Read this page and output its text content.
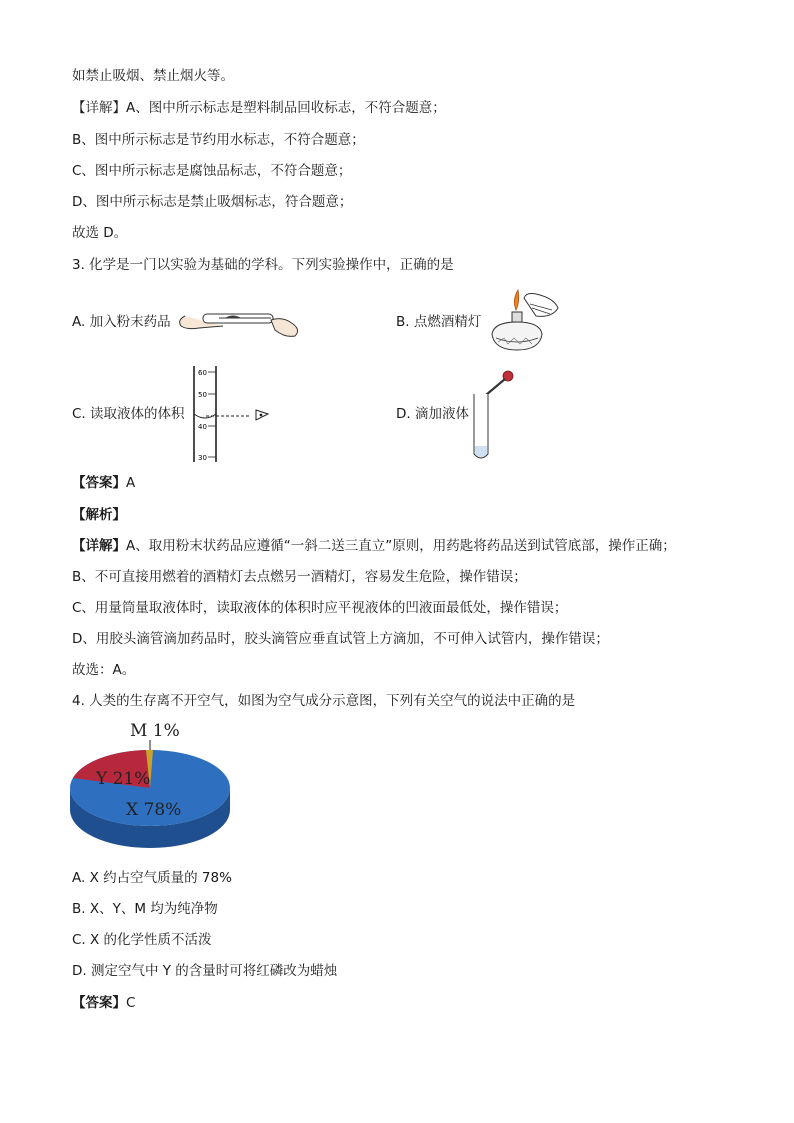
如禁止吸烟、禁止烟火等。
【详解】A、图中所示标志是塑料制品回收标志，不符合题意；
B、图中所示标志是节约用水标志，不符合题意；
C、图中所示标志是腐蚀品标志，不符合题意；
D、图中所示标志是禁止吸烟标志，符合题意；
故选 D。
3. 化学是一门以实验为基础的学科。下列实验操作中，正确的是
A. 加入粉末药品	B. 点燃酒精灯
C. 读取液体的体积
60
50
40
30
D. 滴加液体
【答案】A
【解析】
【详解】A、取用粉末状药品应遵循“一斜二送三直立”原则，用药匙将药品送到试管底部，操作正确；
B、不可直接用燃着的酒精灯去点燃另一酒精灯，容易发生危险，操作错误；
C、用量筒量取液体时，读取液体的体积时应平视液体的凹液面最低处，操作错误；
D、用胶头滴管滴加药品时，胶头滴管应垂直试管上方滴加，不可伸入试管内，操作错误；
故选：A。
4. 人类的生存离不开空气，如图为空气成分示意图，下列有关空气的说法中正确的是
M 1%
Y 21%
X 78%
A. X 约占空气质量的 78%
B. X、Y、M 均为纯净物
C. X 的化学性质不活泼
D. 测定空气中 Y 的含量时可将红磷改为蜡烛
【答案】C
